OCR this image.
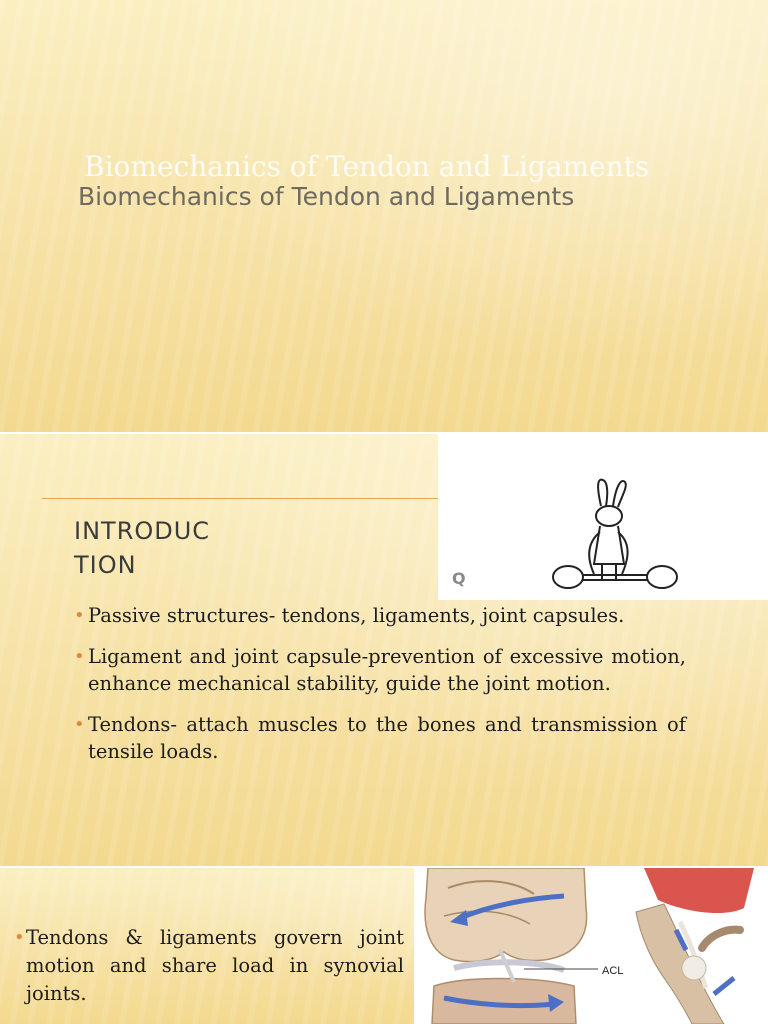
Biomechanics of Tendon and Ligaments
Biomechanics of Tendon and Ligaments
INTRODUC TION	Q
• Passive structures- tendons, ligaments, joint capsules.
• Ligament and joint capsule-prevention of excessive motion, enhance mechanical stability, guide the joint motion.
• Tendons- attach muscles to the bones and transmission of tensile loads.
• Tendons & ligaments govern joint motion and share load in synovial joints.
ACL
